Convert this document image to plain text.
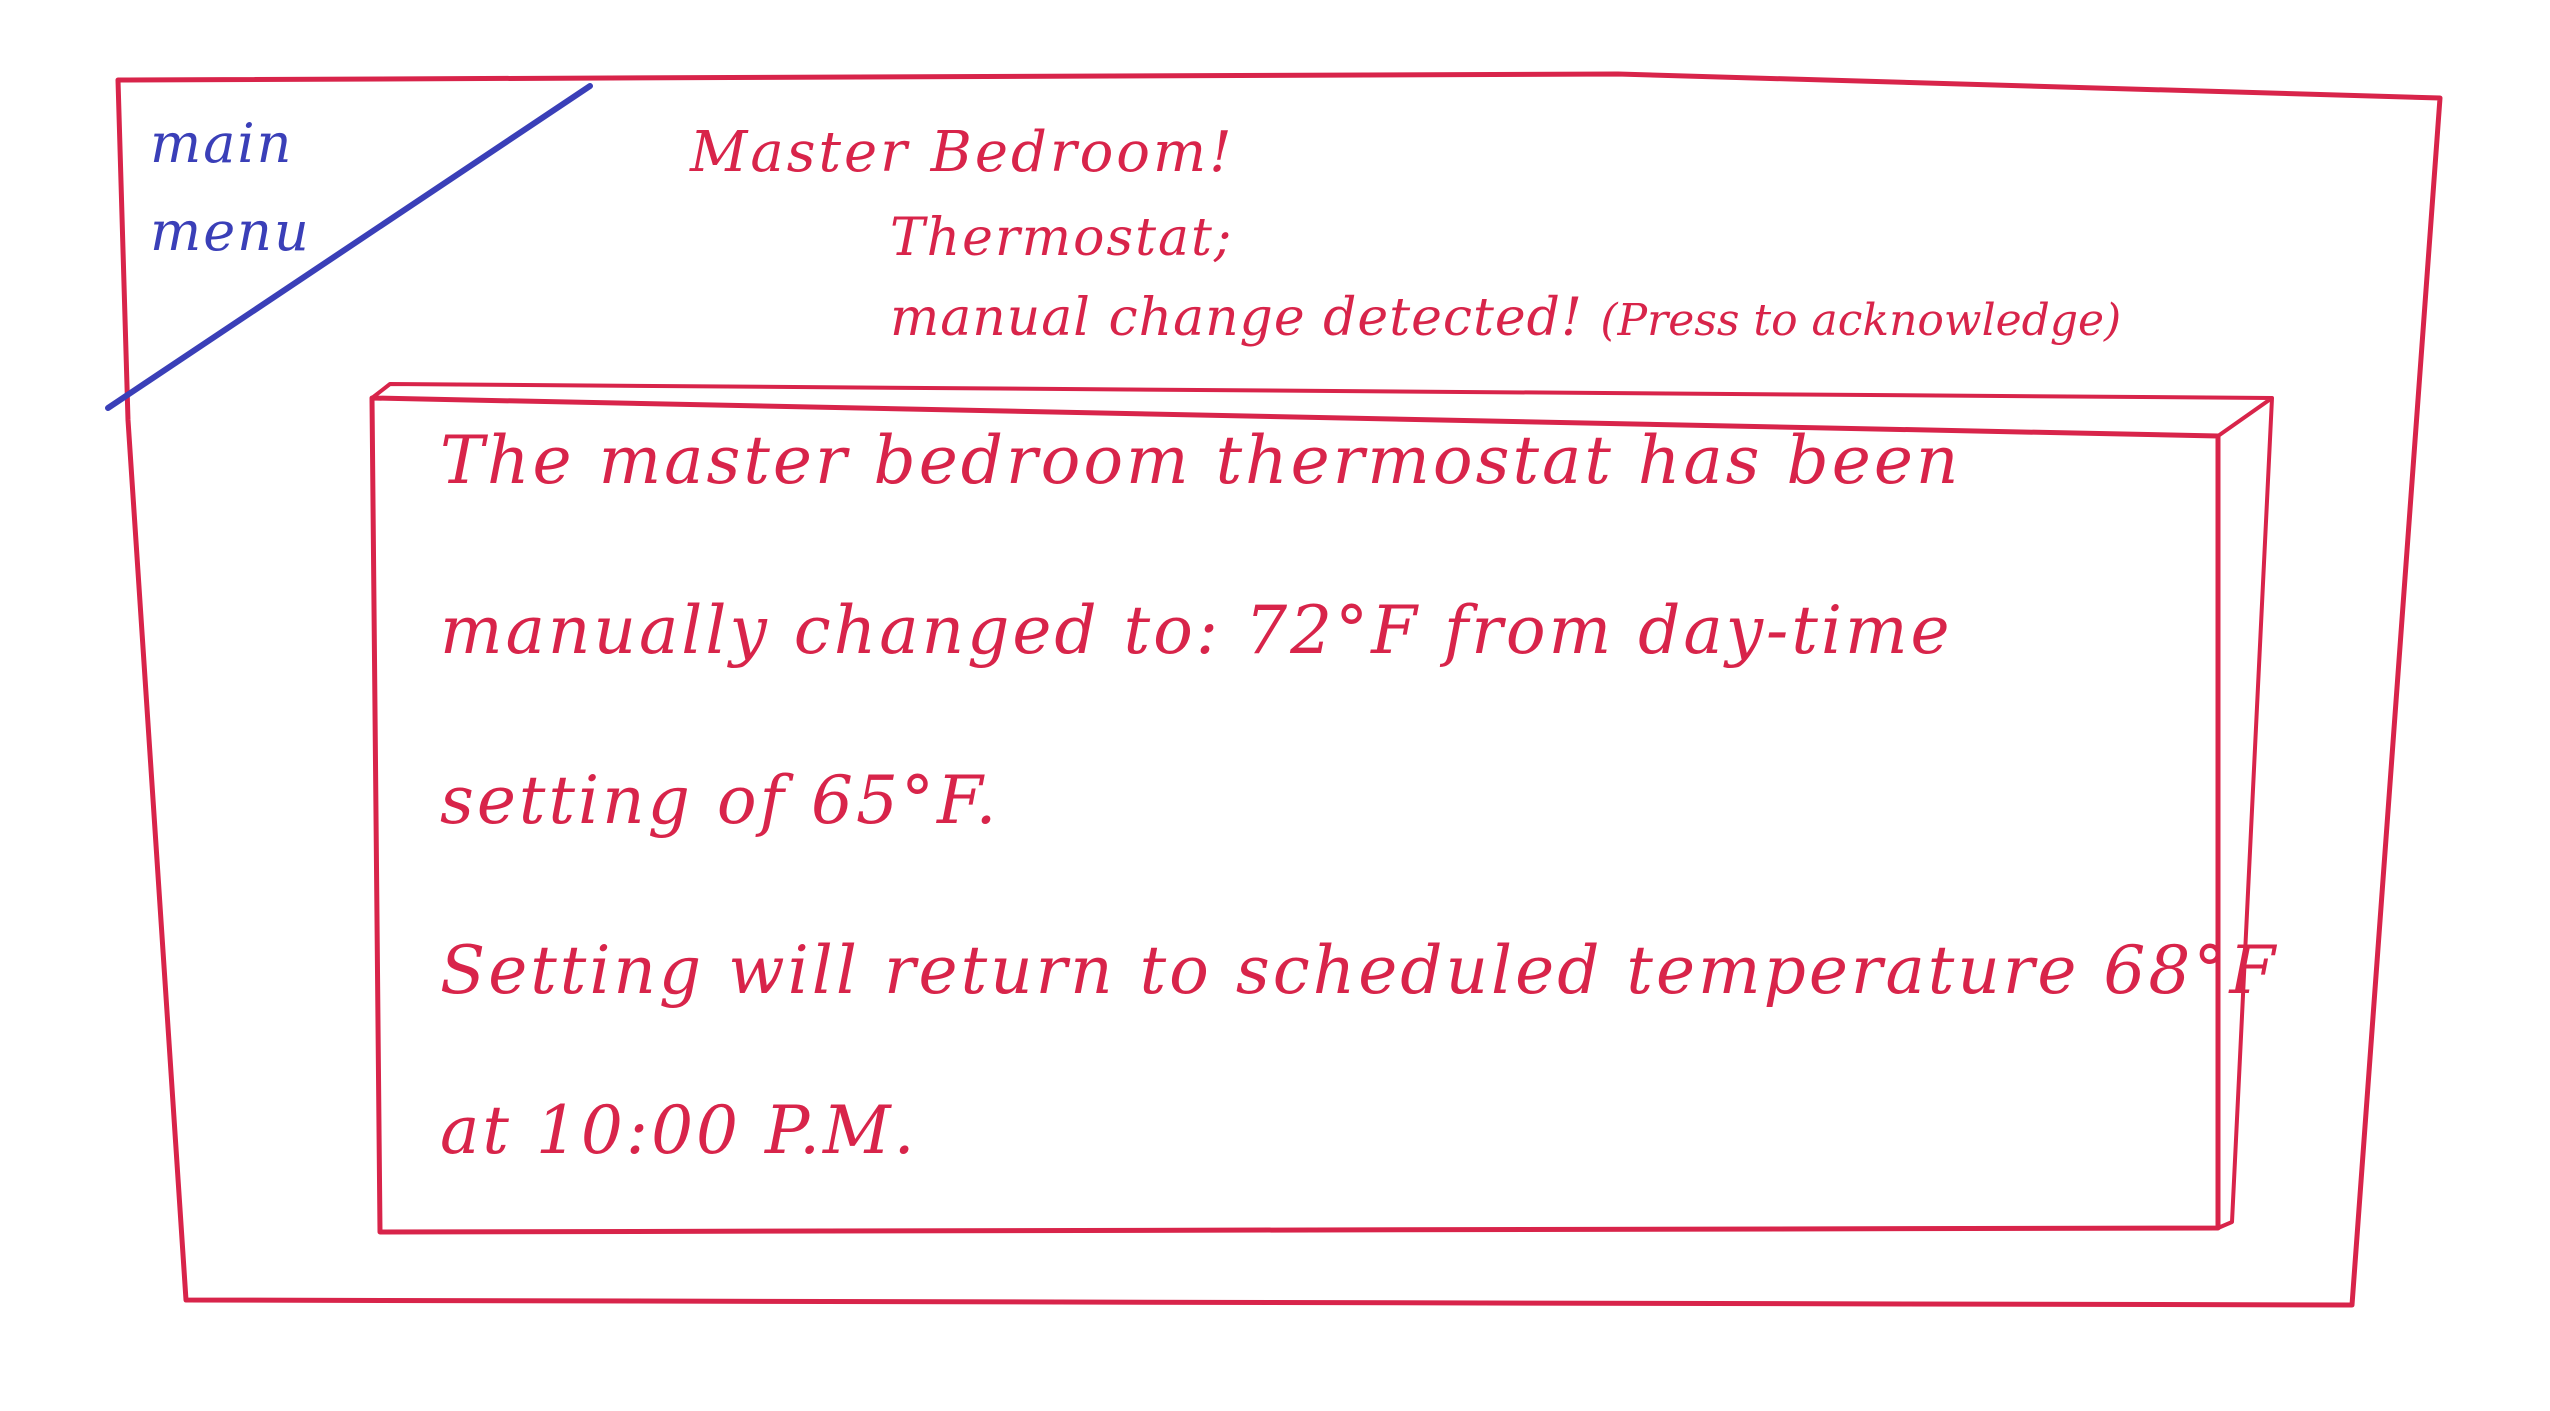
main
menu
Master Bedroom!
Thermostat;
manual change detected! (Press to acknowledge)
The master bedroom thermostat has been
manually changed to: 72°F from day-time
setting of 65°F.
Setting will return to scheduled temperature 68°F
at 10:00 P.M.
